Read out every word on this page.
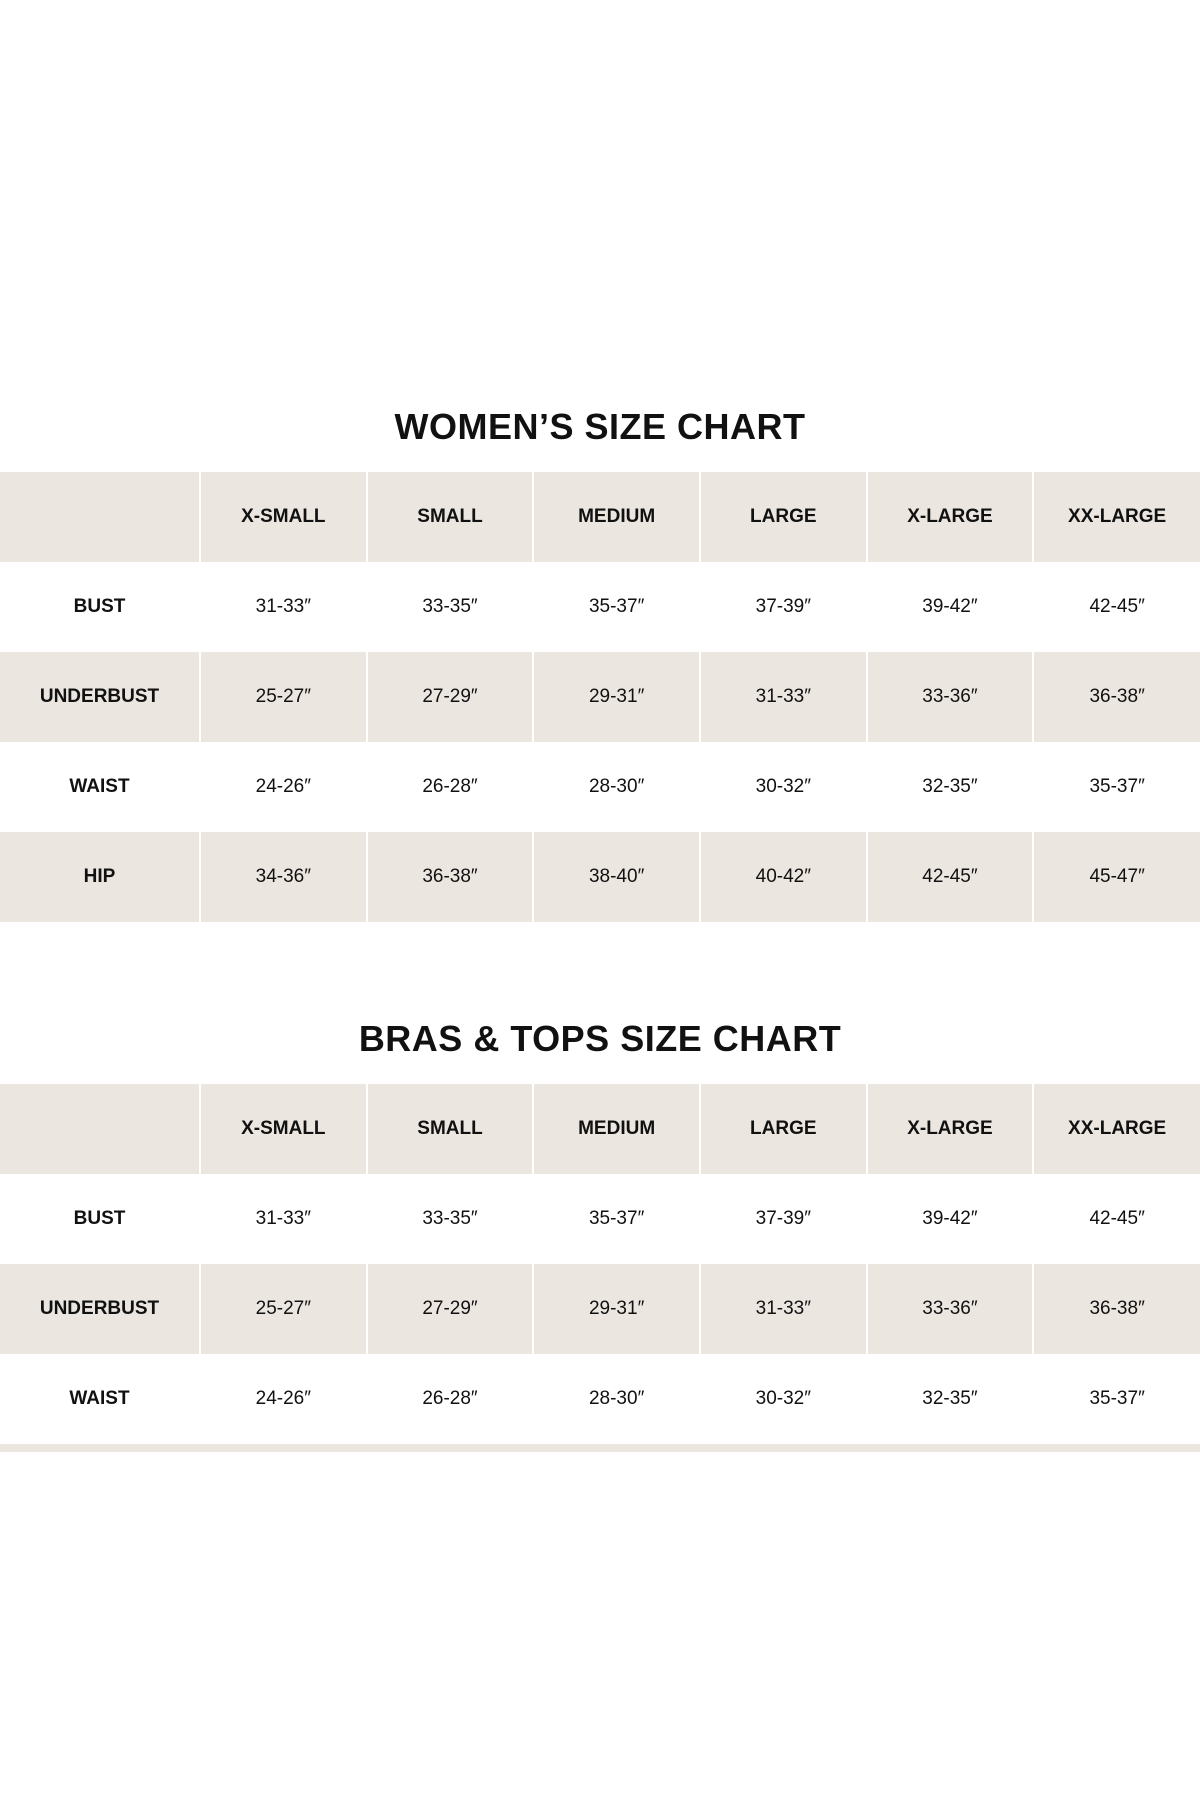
WOMEN’S SIZE CHART
	X-SMALL	SMALL	MEDIUM	LARGE	X-LARGE	XX-LARGE
BUST	31-33″	33-35″	35-37″	37-39″	39-42″	42-45″
UNDERBUST	25-27″	27-29″	29-31″	31-33″	33-36″	36-38″
WAIST	24-26″	26-28″	28-30″	30-32″	32-35″	35-37″
HIP	34-36″	36-38″	38-40″	40-42″	42-45″	45-47″
BRAS & TOPS SIZE CHART
	X-SMALL	SMALL	MEDIUM	LARGE	X-LARGE	XX-LARGE
BUST	31-33″	33-35″	35-37″	37-39″	39-42″	42-45″
UNDERBUST	25-27″	27-29″	29-31″	31-33″	33-36″	36-38″
WAIST	24-26″	26-28″	28-30″	30-32″	32-35″	35-37″
